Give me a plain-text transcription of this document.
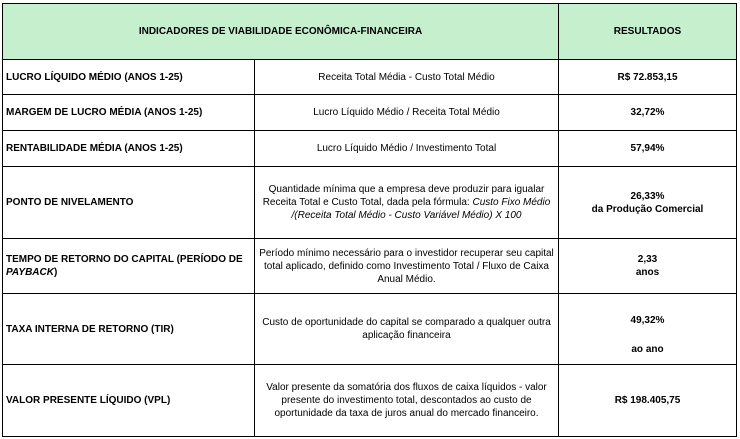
INDICADORES DE VIABILIDADE ECONÔMICA-FINANCEIRA		RESULTADOS
LUCRO LÍQUIDO MÉDIO (ANOS 1-25)	Receita Total Média - Custo Total Médio	R$ 72.853,15
MARGEM DE LUCRO MÉDIA (ANOS 1-25)	Lucro Líquido Médio / Receita Total Médio	32,72%
RENTABILIDADE MÉDIA (ANOS 1-25)	Lucro Líquido Médio / Investimento Total	57,94%
PONTO DE NIVELAMENTO	Quantidade mínima que a empresa deve produzir para igualar Receita Total e Custo Total, dada pela fórmula: Custo Fixo Médio /(Receita Total Médio - Custo Variável Médio) X 100	26,33%
da Produção Comercial

TEMPO DE RETORNO DO CAPITAL (PERÍODO DE PAYBACK)	Período mínimo necessário para o investidor recuperar seu capital total aplicado, definido como Investimento Total / Fluxo de Caixa Anual Médio.	2,33
anos

TAXA INTERNA DE RETORNO (TIR)	Custo de oportunidade do capital se comparado a qualquer outra aplicação financeira	49,32%
ao ano

VALOR PRESENTE LÍQUIDO (VPL)	Valor presente da somatória dos fluxos de caixa líquidos - valor presente do investimento total, descontados ao custo de oportunidade da taxa de juros anual do mercado financeiro.	R$ 198.405,75
